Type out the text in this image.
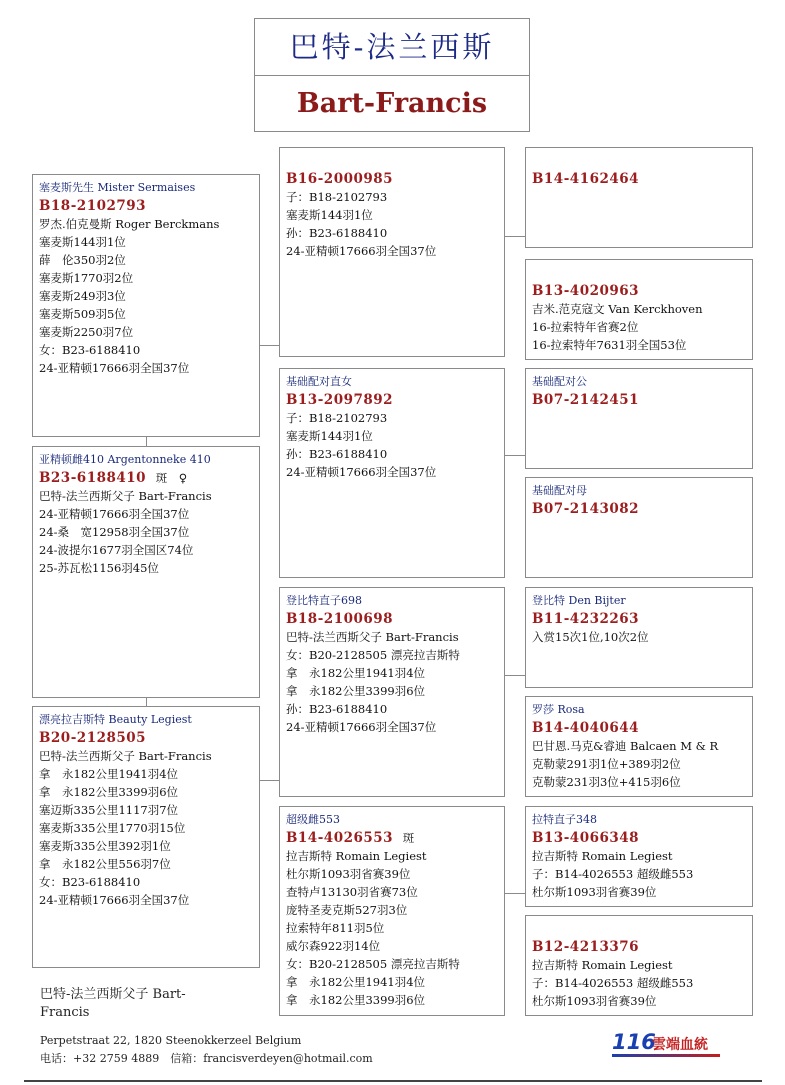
巴特-法兰西斯
Bart-Francis
塞麦斯先生 Mister Sermaises
B18-2102793
罗杰.伯克曼斯 Roger Berckmans
塞麦斯144羽1位
薛　伦350羽2位
塞麦斯1770羽2位
塞麦斯249羽3位
塞麦斯509羽5位
塞麦斯2250羽7位
女：B23-6188410
24-亚精顿17666羽全国37位
亚精顿雌410 Argentonneke 410
B23-6188410 斑　♀
巴特-法兰西斯父子 Bart-Francis
24-亚精顿17666羽全国37位
24-桑　宽12958羽全国37位
24-波提尔1677羽全国区74位
25-苏瓦松1156羽45位
漂亮拉吉斯特 Beauty Legiest
B20-2128505
巴特-法兰西斯父子 Bart-Francis
拿　永182公里1941羽4位
拿　永182公里3399羽6位
塞迈斯335公里1117羽7位
塞麦斯335公里1770羽15位
塞麦斯335公里392羽1位
拿　永182公里556羽7位
女：B23-6188410
24-亚精顿17666羽全国37位
B16-2000985
子：B18-2102793
塞麦斯144羽1位
孙：B23-6188410
24-亚精顿17666羽全国37位
基础配对直女
B13-2097892
子：B18-2102793
塞麦斯144羽1位
孙：B23-6188410
24-亚精顿17666羽全国37位
登比特直子698
B18-2100698
巴特-法兰西斯父子 Bart-Francis
女：B20-2128505 漂亮拉吉斯特
拿　永182公里1941羽4位
拿　永182公里3399羽6位
孙：B23-6188410
24-亚精顿17666羽全国37位
超级雌553
B14-4026553 斑
拉吉斯特 Romain Legiest
杜尔斯1093羽省赛39位
查特卢13130羽省赛73位
庞特圣麦克斯527羽3位
拉索特年811羽5位
威尔森922羽14位
女：B20-2128505 漂亮拉吉斯特
拿　永182公里1941羽4位
拿　永182公里3399羽6位
B14-4162464
B13-4020963
吉米.范克寇文 Van Kerckhoven
16-拉索特年省赛2位
16-拉索特年7631羽全国53位
基础配对公
B07-2142451
基础配对母
B07-2143082
登比特 Den Bijter
B11-4232263
入赏15次1位,10次2位
罗莎 Rosa
B14-4040644
巴甘恩.马克&睿迪 Balcaen M & R
克勒蒙291羽1位+389羽2位
克勒蒙231羽3位+415羽6位
拉特直子348
B13-4066348
拉吉斯特 Romain Legiest
子：B14-4026553 超级雌553
杜尔斯1093羽省赛39位
B12-4213376
拉吉斯特 Romain Legiest
子：B14-4026553 超级雌553
杜尔斯1093羽省赛39位
巴特-法兰西斯父子 Bart-Francis
Perpetstraat 22, 1820 Steenokkerzeel Belgium
电话：+32 2759 4889　信箱：francisverdeyen@hotmail.com
116
雲端血統
